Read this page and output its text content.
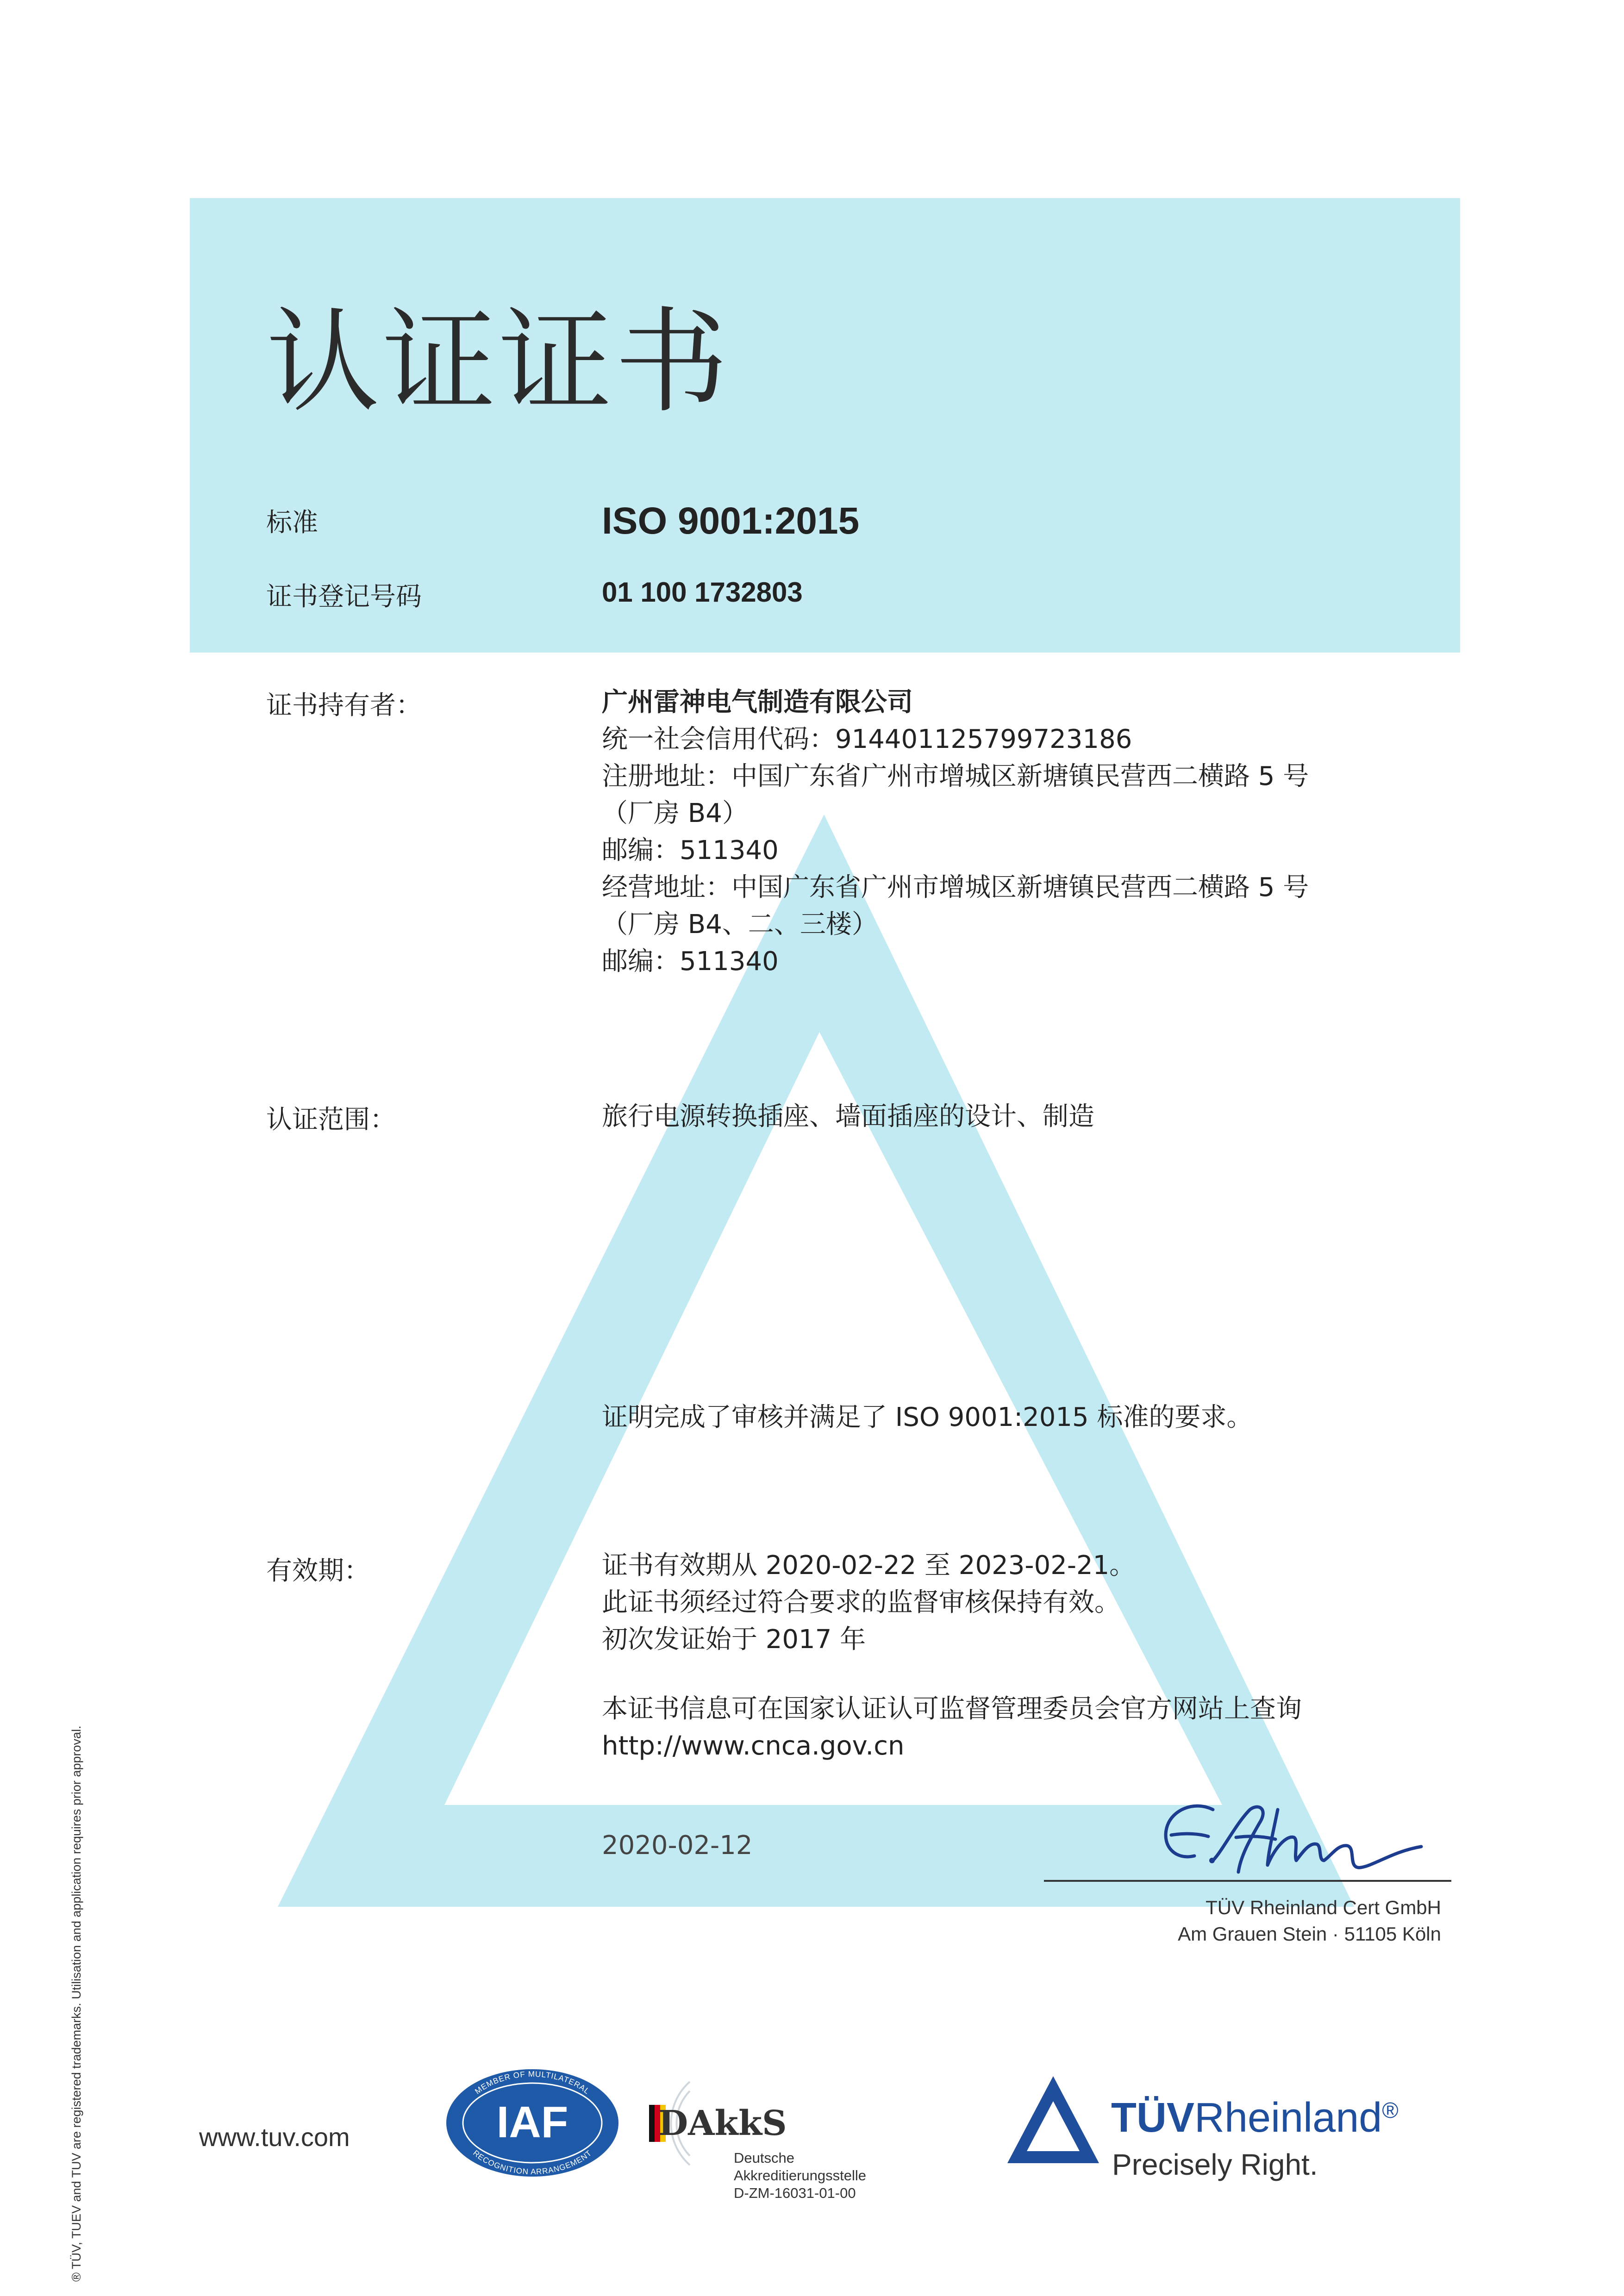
认证证书
标准	ISO 9001:2015
证书登记号码	01 100 1732803
证书持有者：	广州雷神电气制造有限公司
统一社会信用代码：914401125799723186
注册地址：中国广东省广州市增城区新塘镇民营西二横路 5 号
（厂房 B4）
邮编：511340
经营地址：中国广东省广州市增城区新塘镇民营西二横路 5 号
（厂房 B4、二、三楼）
邮编：511340
认证范围：	旅行电源转换插座、墙面插座的设计、制造
证明完成了审核并满足了 ISO 9001:2015 标准的要求。
有效期：	证书有效期从 2020-02-22 至 2023-02-21。
此证书须经过符合要求的监督审核保持有效。
初次发证始于 2017 年
本证书信息可在国家认证认可监督管理委员会官方网站上查询
http://www.cnca.gov.cn
2020-02-12
TÜV Rheinland Cert GmbH
Am Grauen Stein · 51105 Köln
® TÜV, TUEV and TUV are registered trademarks. Utilisation and application requires prior approval.	www.tuv.com
MEMBER OF MULTILATERAL
RECOGNITION ARRANGEMENT
IAF	DAkkS
Deutsche
Akkreditierungsstelle
D-ZM-16031-01-00
TÜVRheinland®
Precisely Right.
